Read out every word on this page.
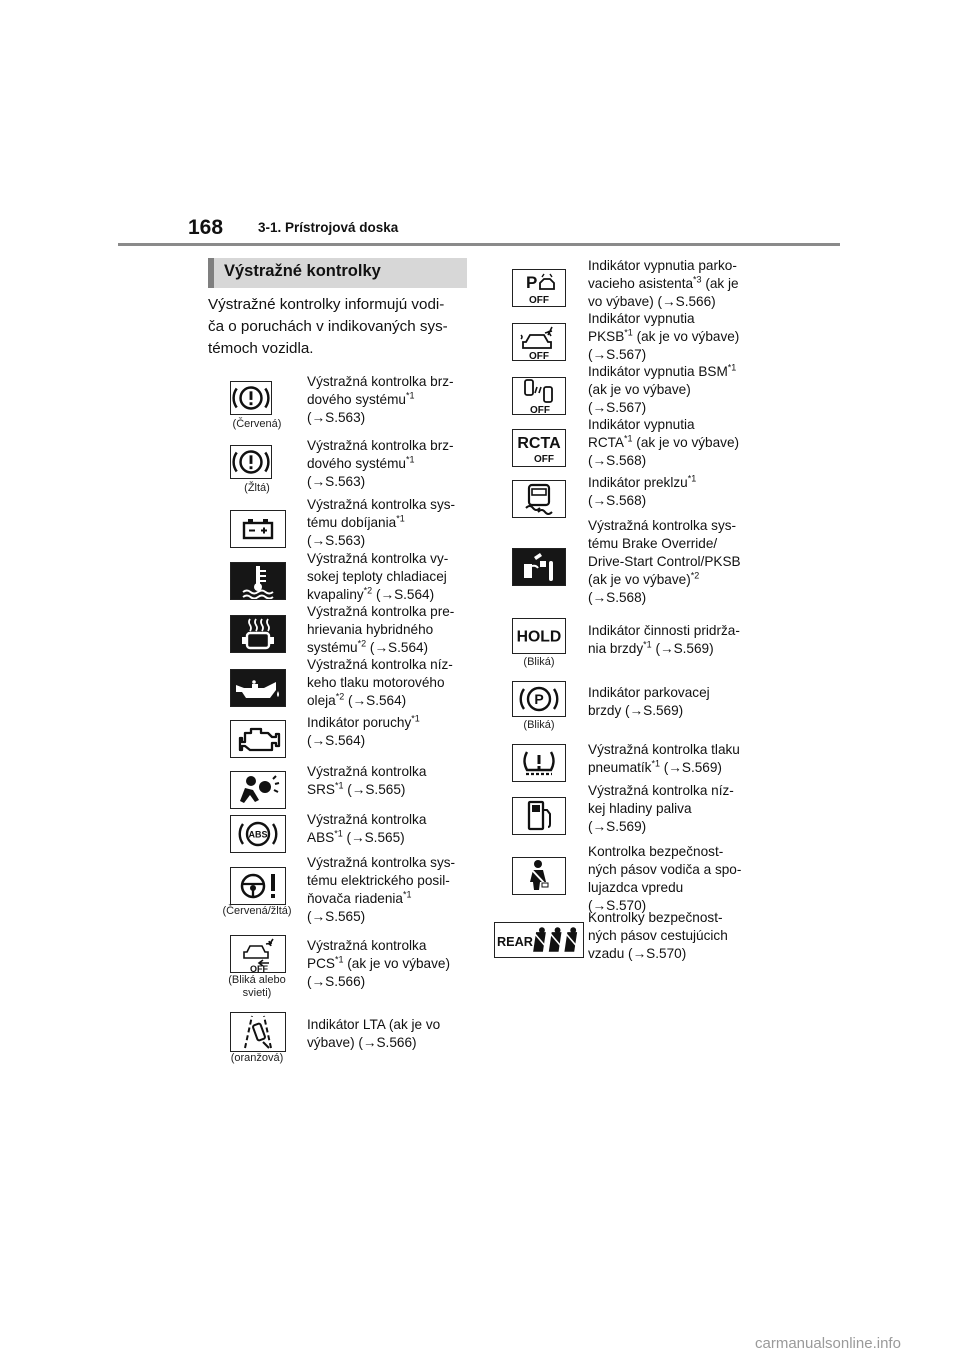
168	3-1. Prístrojová doska
Výstražné kontrolky
Výstražné kontrolky informujú vodi-
ča o poruchách v indikovaných sys-
témoch vozidla.
(Červená)
Výstražná kontrolka brz-
dového systému$^{*1}$
(→S.563)
(Žltá)
Výstražná kontrolka brz-
dového systému$^{*1}$
(→S.563)
Výstražná kontrolka sys-
tému dobíjania$^{*1}$
(→S.563)
Výstražná kontrolka vy-
sokej teploty chladiacej
kvapaliny$^{*2}$ (→S.564)
Výstražná kontrolka pre-
hrievania hybridného
systému$^{*2}$ (→S.564)
Výstražná kontrolka níz-
keho tlaku motorového
oleja$^{*2}$ (→S.564)
Indikátor poruchy$^{*1}$
(→S.564)
Výstražná kontrolka
SRS$^{*1}$ (→S.565)
ABS
Výstražná kontrolka
ABS$^{*1}$ (→S.565)
(Červená/žltá)
Výstražná kontrolka sys-
tému elektrického posil-
ňovača riadenia$^{*1}$
(→S.565)
OFF
(Bliká alebo
svieti)
Výstražná kontrolka
PCS$^{*1}$ (ak je vo výbave)
(→S.566)
(oranžová)
Indikátor LTA (ak je vo
výbave) (→S.566)
P
OFF
Indikátor vypnutia parko-
vacieho asistenta$^{*3}$ (ak je
vo výbave) (→S.566)
OFF
Indikátor vypnutia
PKSB$^{*1}$ (ak je vo výbave)
(→S.567)
OFF
Indikátor vypnutia BSM$^{*1}$
(ak je vo výbave)
(→S.567)
RCTA
OFF
Indikátor vypnutia
RCTA$^{*1}$ (ak je vo výbave)
(→S.568)
Indikátor preklzu$^{*1}$
(→S.568)
Výstražná kontrolka sys-
tému Brake Override/
Drive-Start Control/PKSB
(ak je vo výbave)$^{*2}$
(→S.568)
HOLD
(Bliká)
Indikátor činnosti pridrža-
nia brzdy$^{*1}$ (→S.569)
P
(Bliká)
Indikátor parkovacej
brzdy (→S.569)
Výstražná kontrolka tlaku
pneumatík$^{*1}$ (→S.569)
Výstražná kontrolka níz-
kej hladiny paliva
(→S.569)
Kontrolka bezpečnost-
ných pásov vodiča a spo-
lujazdca vpredu
(→S.570)
REAR
Kontrolky bezpečnost-
ných pásov cestujúcich
vzadu (→S.570)
carmanualsonline.info
